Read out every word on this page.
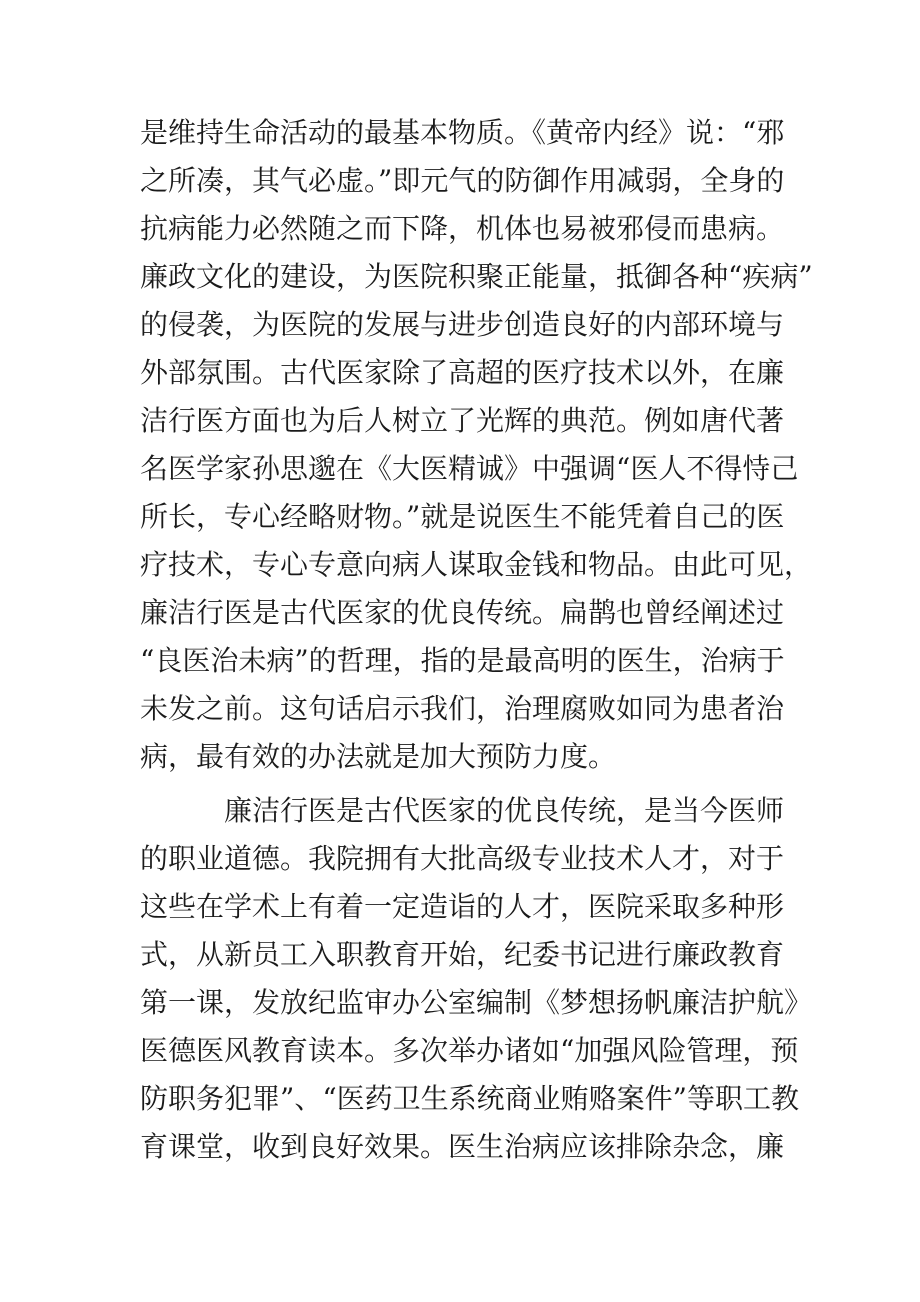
是维持生命活动的最基本物质。《黄帝内经》说：“邪
之所凑，其气必虚。”即元气的防御作用减弱，全身的
抗病能力必然随之而下降，机体也易被邪侵而患病。
廉政文化的建设，为医院积聚正能量，抵御各种“疾病”
的侵袭，为医院的发展与进步创造良好的内部环境与
外部氛围。古代医家除了高超的医疗技术以外，在廉
洁行医方面也为后人树立了光辉的典范。例如唐代著
名医学家孙思邈在《大医精诚》中强调“医人不得恃己
所长，专心经略财物。”就是说医生不能凭着自己的医
疗技术，专心专意向病人谋取金钱和物品。由此可见，
廉洁行医是古代医家的优良传统。扁鹊也曾经阐述过
“良医治未病”的哲理，指的是最高明的医生，治病于
未发之前。这句话启示我们，治理腐败如同为患者治
病，最有效的办法就是加大预防力度。
廉洁行医是古代医家的优良传统，是当今医师
的职业道德。我院拥有大批高级专业技术人才，对于
这些在学术上有着一定造诣的人才，医院采取多种形
式，从新员工入职教育开始，纪委书记进行廉政教育
第一课，发放纪监审办公室编制《梦想扬帆廉洁护航》
医德医风教育读本。多次举办诸如“加强风险管理，预
防职务犯罪”、“医药卫生系统商业贿赂案件”等职工教
育课堂，收到良好效果。医生治病应该排除杂念，廉
